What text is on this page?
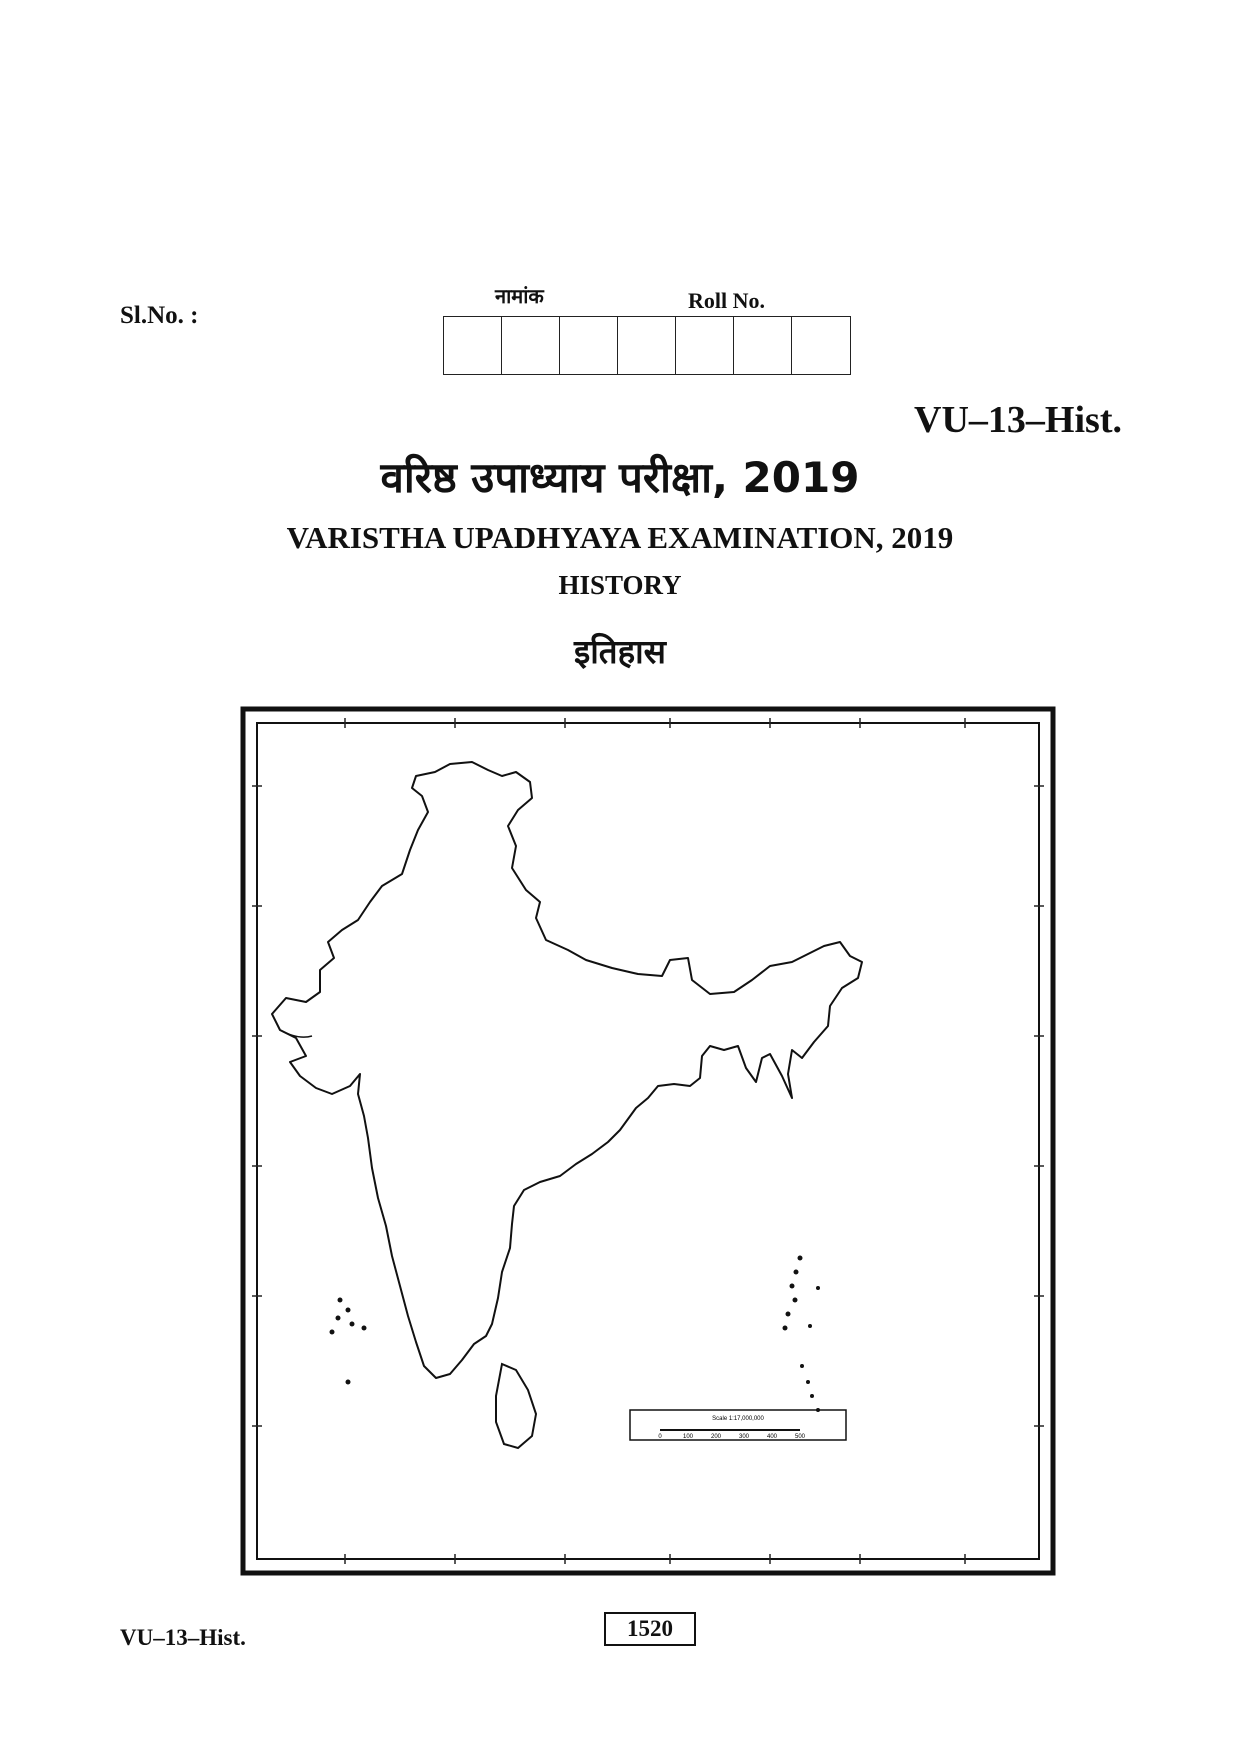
Sl.No. :
नामांक	Roll No.
VU–13–Hist.
वरिष्ठ उपाध्याय परीक्षा, 2019
VARISTHA UPADHYAYA EXAMINATION, 2019
HISTORY
इतिहास
Scale 1:17,000,000
0	100	200	300	400	500
VU–13–Hist.	1520
